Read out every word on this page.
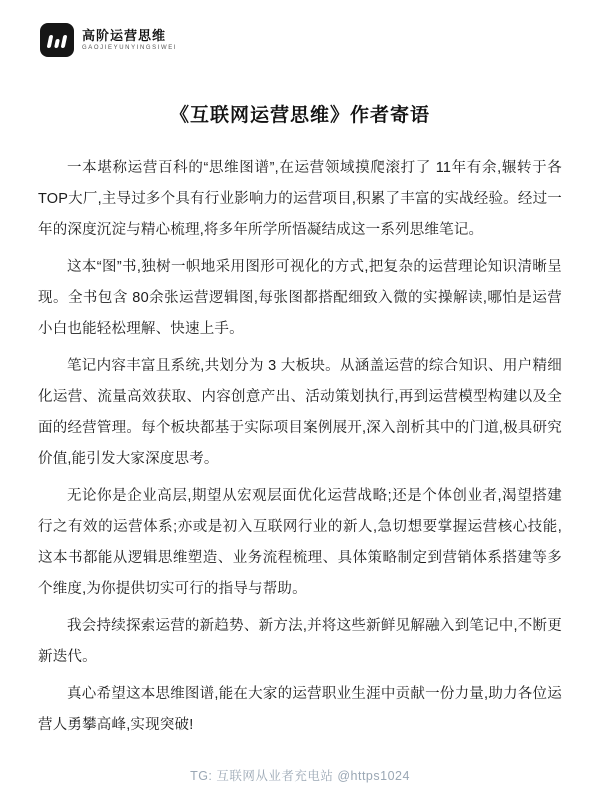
高阶运营思维
GAOJIEYUNYINGSIWEI
《互联网运营思维》作者寄语

一本堪称运营百科的“思维图谱”,在运营领域摸爬滚打了 11年有余,辗转于各TOP大厂,主导过多个具有行业影响力的运营项目,积累了丰富的实战经验。经过一年的深度沉淀与精心梳理,将多年所学所悟凝结成这一系列思维笔记。

这本“图”书,独树一帜地采用图形可视化的方式,把复杂的运营理论知识清晰呈现。全书包含 80余张运营逻辑图,每张图都搭配细致入微的实操解读,哪怕是运营小白也能轻松理解、快速上手。

笔记内容丰富且系统,共划分为 3 大板块。从涵盖运营的综合知识、用户精细化运营、流量高效获取、内容创意产出、活动策划执行,再到运营模型构建以及全面的经营管理。每个板块都基于实际项目案例展开,深入剖析其中的门道,极具研究价值,能引发大家深度思考。

无论你是企业高层,期望从宏观层面优化运营战略;还是个体创业者,渴望搭建行之有效的运营体系;亦或是初入互联网行业的新人,急切想要掌握运营核心技能,这本书都能从逻辑思维塑造、业务流程梳理、具体策略制定到营销体系搭建等多个维度,为你提供切实可行的指导与帮助。

我会持续探索运营的新趋势、新方法,并将这些新鲜见解融入到笔记中,不断更新迭代。

真心希望这本思维图谱,能在大家的运营职业生涯中贡献一份力量,助力各位运营人勇攀高峰,实现突破!

TG: 互联网从业者充电站 @https1024
